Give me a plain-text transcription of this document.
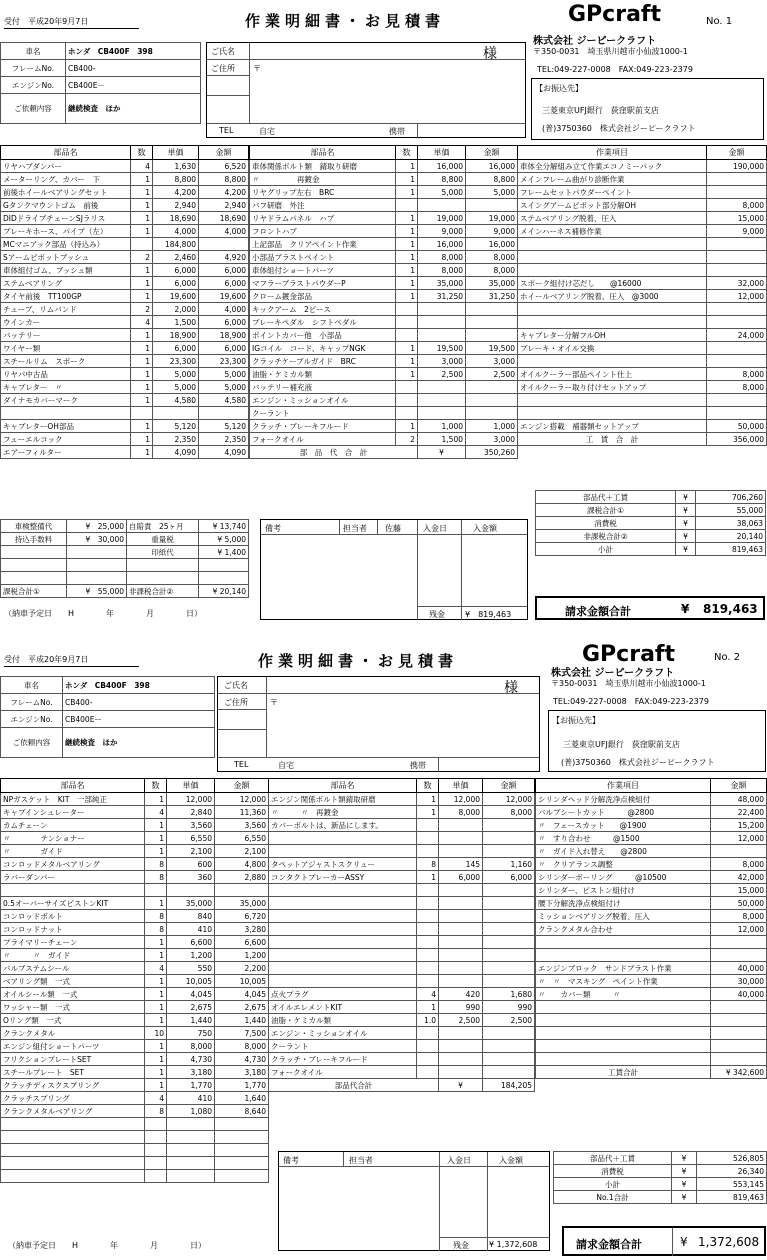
受付　 平成20年9月7日	作業明細書・お見積書	GPcraft	No. 1
株式会社 ジーピークラフト
〒350-0031　埼玉県川越市小仙波1000-1
TEL:049-227-0008　FAX:049-223-2379
【お振込先】
三菱東京UFJ銀行　荻窪駅前支店
(普)3750360　株式会社ジーピークラフト
車名	ホンダ　CB400F　398
フレームNo.	CB400-
エンジンNo.	CB400E－
ご依頼内容	継続検査　ほか
ご氏名	様
ご住所 〒
TEL	自宅	携帯
部品名	数	単価	金額
リヤハブダンパー	4	1,630	6,520
メーターリング、カバー　下	1	8,800	8,800
前後ホイールベアリングセット	1	4,200	4,200
Gタンクマウントゴム　前後	1	2,940	2,940
DIDドライブチェーンSJラリス	1	18,690	18,690
ブレーキホース、パイプ（左）	1	4,000	4,000
MCマニアック部品（持込み）		184,800	
Sアームピボットブッシュ	2	2,460	4,920
車体組付ゴム、ブッシュ類	1	6,000	6,000
ステムベアリング	1	6,000	6,000
タイヤ前後　TT100GP	1	19,600	19,600
チューブ、リムバンド	2	2,000	4,000
ウインカー	4	1,500	6,000
バッテリー	1	18,900	18,900
ワイヤー類	1	6,000	6,000
スチールリム　スポーク	1	23,300	23,300
リヤパ中古品	1	5,000	5,000
キャブレター　〃	1	5,000	5,000
ダイナモカバーマーク	1	4,580	4,580

キャブレターOH部品	1	5,120	5,120
フューエルコック	1	2,350	2,350
エアーフィルター	1	4,090	4,090
部品名	数	単価	金額
車体関係ボルト類　錆取り研磨	1	16,000	16,000
〃　　　　　再鍍金	1	8,800	8,800
リヤグリップ左右　BRC	1	5,000	5,000
バフ研磨　外注			
リヤドラムパネル　ハブ	1	19,000	19,000
フロントハブ	1	9,000	9,000
上記部品　クリアペイント作業	1	16,000	16,000
小部品ブラストペイント	1	8,000	8,000
車体組付ショートパーツ	1	8,000	8,000
マフラーブラストパウダーP	1	35,000	35,000
クローム鍍金部品	1	31,250	31,250
キックアーム　2ピース			
ブレーキペダル　シフトペダル			
ポイントカバー他　小部品			
IGコイル　コード、キャップNGK	1	19,500	19,500
クラッチケーブルガイド　BRC	1	3,000	3,000
油脂・ケミカル類	1	2,500	2,500
バッテリー補充液			
エンジン・ミッションオイル			
クーラント			
クラッチ・ブレーキフルード	1	1,000	1,000
フォークオイル	2	1,500	3,000
部　品　代　合　計		¥	350,260
作業項目	金額
車体全分解組み立て作業エコノミーパック	190,000
メインフレーム曲がり診断作業	
フレームセットパウダーペイント	
スイングアームピボット部分解OH	8,000
ステムベアリング脱着、圧入	15,000
メインハーネス補修作業	9,000

スポーク組付け芯だし　　@16000	32,000
ホイールベアリング脱着、圧入　@3000	12,000

キャブレター分解フルOH	24,000
ブレーキ・オイル交換	

オイルクーラー部品ペイント仕上	8,000
オイルクーラー取り付けセットアップ	8,000

エンジン搭載　補器類セットアップ	50,000
工　賃　合　計	356,000
部品代＋工賃	¥	706,260
課税合計①	¥	55,000
消費税	¥	38,063
非課税合計②	¥	20,140
小計	¥	819,463
請求金額合計	¥ 819,463
車検整備代	¥　 25,000	自賠責　25ヶ月	¥ 13,740
持込手数料	¥　 30,000	重量税	¥ 5,000
		印紙代	¥ 1,400

課税合計①	¥　 55,000	非課税合計②	¥ 20,140
（納車予定日　　H　　　　年　　　　月　　　　日）
備考	担当者 佐藤	入金日	入金額
残金	¥　 819,463
受付　 平成20年9月7日	作業明細書・お見積書	GPcraft	No. 2
株式会社 ジーピークラフト
〒350-0031　埼玉県川越市小仙波1000-1
TEL:049-227-0008　FAX:049-223-2379
【お振込先】
三菱東京UFJ銀行　荻窪駅前支店
(普)3750360　株式会社ジーピークラフト
車名	ホンダ　CB400F　398
フレームNo.	CB400-
エンジンNo.	CB400Eー
ご依頼内容	継続検査　ほか
ご氏名	様
ご住所	〒
TEL	自宅	携帯
部品名	数	単価	金額
NPガスケット　KIT　一部純正	1	12,000	12,000
キャブインシュレーター	4	2,840	11,360
カムチェーン	1	3,560	3,560
〃　　　　テンショナー	1	6,550	6,550
〃　　　　ガイド	1	2,100	2,100
コンロッドメタルベアリング	8	600	4,800
ラバーダンパー	8	360	2,880

0.5オーバーサイズピストンKIT	1	35,000	35,000
コンロッドボルト	8	840	6,720
コンロッドナット	8	410	3,280
プライマリーチェーン	1	6,600	6,600
〃　　　〃　ガイド	1	1,200	1,200
バルブステムシール	4	550	2,200
ベアリング類　一式	1	10,005	10,005
オイルシール類　一式	1	4,045	4,045
ワッシャー類　一式	1	2,675	2,675
Oリング類　一式	1	1,440	1,440
クランクメタル	10	750	7,500
エンジン組付ショートパーツ	1	8,000	8,000
フリクションプレートSET	1	4,730	4,730
スチールプレート　SET	1	3,180	3,180
クラッチディスクスプリング	1	1,770	1,770
クラッチスプリング	4	410	1,640
クランクメタルベアリング	8	1,080	8,640

部品名	数	単価	金額
エンジン関係ボルト類錆取研磨	1	12,000	12,000
〃　　　〃　再鍍金	1	8,000	8,000
カバーボルトは、新品にします。			

タペットアジャストスクリュー	8	145	1,160
コンタクトブレーカーASSY	1	6,000	6,000

点火プラグ	4	420	1,680
オイルエレメントKIT	1	990	990
油脂・ケミカル類	1.0	2,500	2,500
エンジン・ミッションオイル			
クーラント			
クラッチ・ブレーキフルード			
フォークオイル			
部品代合計		¥	184,205
作業項目	金額
シリンダヘッド分解洗浄点検組付	48,000
バルブシートカット　　　@2800	22,400
〃　フェースカット　　@1900	15,200
〃　すり合わせ　　　@1500	12,000
〃　ガイド入れ替え　　@2800	
〃　クリアランス調整	8,000
シリンダーボーリング　　　@10500	42,000
シリンダー、ピストン組付け	15,000
腰下分解洗浄点検組付け	50,000
ミッションベアリング脱着、圧入	8,000
クランクメタル合わせ	12,000

エンジンブロック　サンドブラスト作業	40,000
〃　〃　マスキング　ペイント作業	30,000
〃　　カバー類　　　〃	40,000

工賃合計	¥ 342,600
部品代＋工賃	¥	526,805
消費税	¥	26,340
小計	¥	553,145
No.1合計	¥	819,463
請求金額合計	¥ 1,372,608
備考	担当者	入金日	入金額
残金	¥ 1,372,608
（納車予定日　　H　　　　年　　　　月　　　　日）
